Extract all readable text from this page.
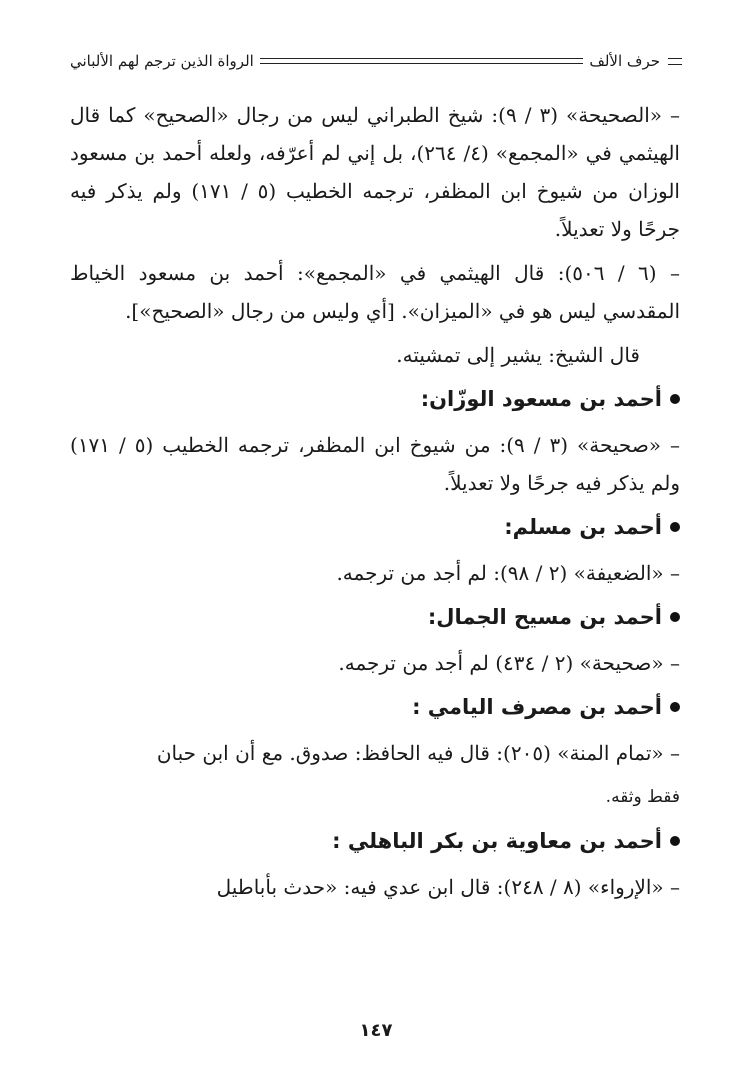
حرف الألف
الرواة الذين ترجم لهم الألباني

– «الصحيحة» (٣ / ٩): شيخ الطبراني ليس من رجال «الصحيح» كما قال الهيثمي في «المجمع» (٤/ ٢٦٤)، بل إني لم أعرّفه، ولعله أحمد بن مسعود الوزان من شيوخ ابن المظفر، ترجمه الخطيب (٥ / ١٧١) ولم يذكر فيه جرحًا ولا تعديلاً.

– (٦ / ٥٠٦): قال الهيثمي في «المجمع»: أحمد بن مسعود الخياط المقدسي ليس هو في «الميزان». [أي وليس من رجال «الصحيح»].

قال الشيخ: يشير إلى تمشيته.

أحمد بن مسعود الوزّان:

– «صحيحة» (٣ / ٩): من شيوخ ابن المظفر، ترجمه الخطيب (٥ / ١٧١) ولم يذكر فيه جرحًا ولا تعديلاً.

أحمد بن مسلم:

– «الضعيفة» (٢ / ٩٨): لم أجد من ترجمه.

أحمد بن مسيح الجمال:

– «صحيحة» (٢ / ٤٣٤) لم أجد من ترجمه.

أحمد بن مصرف اليامي :

– «تمام المنة» (٢٠٥): قال فيه الحافظ: صدوق. مع أن ابن حبان

فقط وثقه.

أحمد بن معاوية بن بكر الباهلي :

– «الإرواء» (٨ / ٢٤٨): قال ابن عدي فيه: «حدث بأباطيل

١٤٧
